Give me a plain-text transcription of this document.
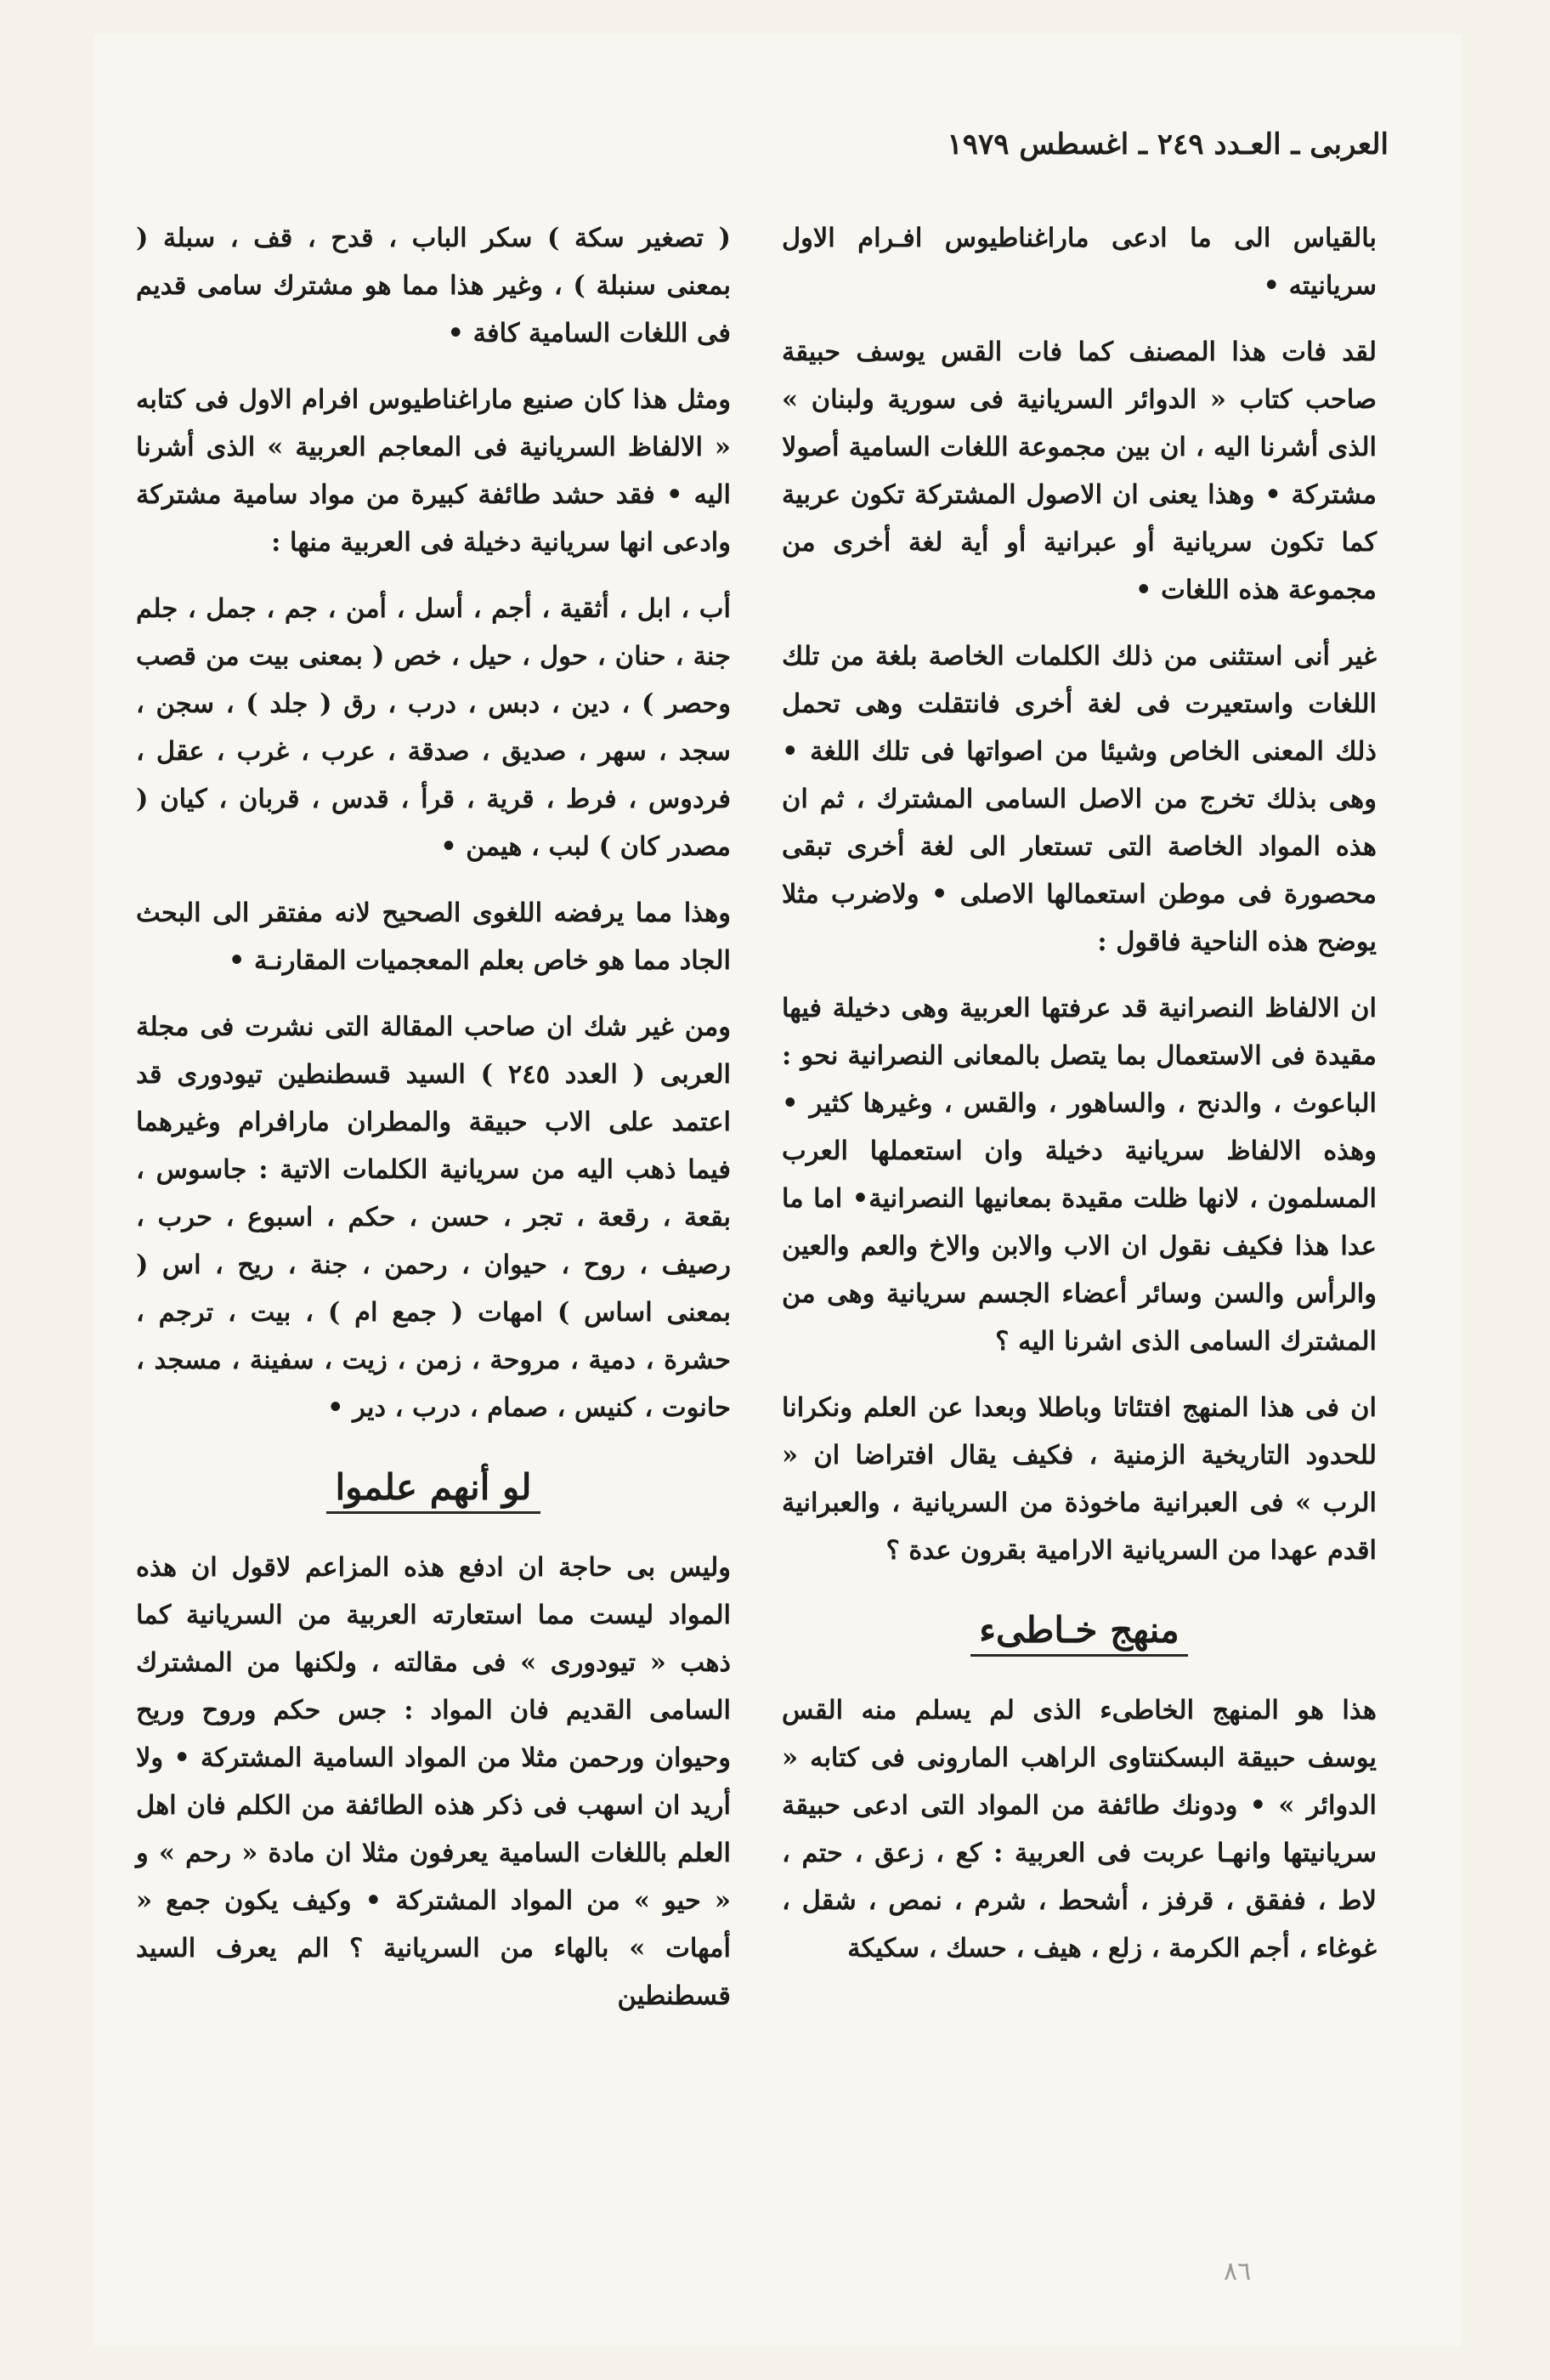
العربى ـ العـدد ٢٤٩ ـ اغسطس ١٩٧٩

بالقياس الى ما ادعى ماراغناطيوس افـرام الاول سريانيته •

لقد فات هذا المصنف كما فات القس يوسف حبيقة صاحب كتاب « الدوائر السريانية فى سورية ولبنان » الذى أشرنا اليه ، ان بين مجموعة اللغات السامية أصولا مشتركة • وهذا يعنى ان الاصول المشتركة تكون عربية كما تكون سريانية أو عبرانية أو أية لغة أخرى من مجموعة هذه اللغات •

غير أنى استثنى من ذلك الكلمات الخاصة بلغة من تلك اللغات واستعيرت فى لغة أخرى فانتقلت وهى تحمل ذلك المعنى الخاص وشيئا من اصواتها فى تلك اللغة • وهى بذلك تخرج من الاصل السامى المشترك ، ثم ان هذه المواد الخاصة التى تستعار الى لغة أخرى تبقى محصورة فى موطن استعمالها الاصلى • ولاضرب مثلا يوضح هذه الناحية فاقول :

ان الالفاظ النصرانية قد عرفتها العربية وهى دخيلة فيها مقيدة فى الاستعمال بما يتصل بالمعانى النصرانية نحو : الباعوث ، والدنح ، والساهور ، والقس ، وغيرها كثير • وهذه الالفاظ سريانية دخيلة وان استعملها العرب المسلمون ، لانها ظلت مقيدة بمعانيها النصرانية• اما ما عدا هذا فكيف نقول ان الاب والابن والاخ والعم والعين والرأس والسن وسائر أعضاء الجسم سريانية وهى من المشترك السامى الذى اشرنا اليه ؟

ان فى هذا المنهج افتئاتا وباطلا وبعدا عن العلم ونكرانا للحدود التاريخية الزمنية ، فكيف يقال افتراضا ان « الرب » فى العبرانية ماخوذة من السريانية ، والعبرانية اقدم عهدا من السريانية الارامية بقرون عدة ؟

منهج خـاطىء

هذا هو المنهج الخاطىء الذى لم يسلم منه القس يوسف حبيقة البسكنتاوى الراهب المارونى فى كتابه « الدوائر » • ودونك طائفة من المواد التى ادعى حبيقة سريانيتها وانهـا عربت فى العربية : كع ، زعق ، حتم ، لاط ، ففقق ، قرفز ، أشحط ، شرم ، نمص ، شقل ، غوغاء ، أجم الكرمة ، زلع ، هيف ، حسك ، سكيكة

( تصغير سكة ) سكر الباب ، قدح ، قف ، سبلة ( بمعنى سنبلة ) ، وغير هذا مما هو مشترك سامى قديم فى اللغات السامية كافة •

ومثل هذا كان صنيع ماراغناطيوس افرام الاول فى كتابه « الالفاظ السريانية فى المعاجم العربية » الذى أشرنا اليه • فقد حشد طائفة كبيرة من مواد سامية مشتركة وادعى انها سريانية دخيلة فى العربية منها :

أب ، ابل ، أثقية ، أجم ، أسل ، أمن ، جم ، جمل ، جلم جنة ، حنان ، حول ، حيل ، خص ( بمعنى بيت من قصب وحصر ) ، دين ، دبس ، درب ، رق ( جلد ) ، سجن ، سجد ، سهر ، صديق ، صدقة ، عرب ، غرب ، عقل ، فردوس ، فرط ، قرية ، قرأ ، قدس ، قربان ، كيان ( مصدر كان ) لبب ، هيمن •

وهذا مما يرفضه اللغوى الصحيح لانه مفتقر الى البحث الجاد مما هو خاص بعلم المعجميات المقارنـة •

ومن غير شك ان صاحب المقالة التى نشرت فى مجلة العربى ( العدد ٢٤٥ ) السيد قسطنطين تيودورى قد اعتمد على الاب حبيقة والمطران مارافرام وغيرهما فيما ذهب اليه من سريانية الكلمات الاتية : جاسوس ، بقعة ، رقعة ، تجر ، حسن ، حكم ، اسبوع ، حرب ، رصيف ، روح ، حيوان ، رحمن ، جنة ، ريح ، اس ( بمعنى اساس ) امهات ( جمع ام ) ، بيت ، ترجم ، حشرة ، دمية ، مروحة ، زمن ، زيت ، سفينة ، مسجد ، حانوت ، كنيس ، صمام ، درب ، دير •

لو أنهم علموا

وليس بى حاجة ان ادفع هذه المزاعم لاقول ان هذه المواد ليست مما استعارته العربية من السريانية كما ذهب « تيودورى » فى مقالته ، ولكنها من المشترك السامى القديم فان المواد : جس حكم وروح وريح وحيوان ورحمن مثلا من المواد السامية المشتركة • ولا أريد ان اسهب فى ذكر هذه الطائفة من الكلم فان اهل العلم باللغات السامية يعرفون مثلا ان مادة « رحم » و « حيو » من المواد المشتركة • وكيف يكون جمع « أمهات » بالهاء من السريانية ؟ الم يعرف السيد قسطنطين

٨٦
